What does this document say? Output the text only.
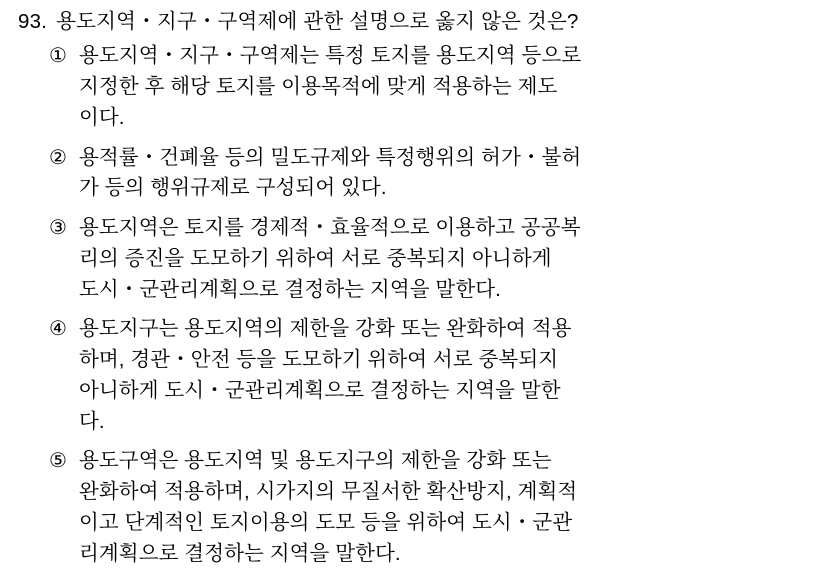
93. 용도지역・지구・구역제에 관한 설명으로 옳지 않은 것은?
① 용도지역・지구・구역제는 특정 토지를 용도지역 등으로
지정한 후 해당 토지를 이용목적에 맞게 적용하는 제도
이다.
② 용적률・건폐율 등의 밀도규제와 특정행위의 허가・불허
가 등의 행위규제로 구성되어 있다.
③ 용도지역은 토지를 경제적・효율적으로 이용하고 공공복
리의 증진을 도모하기 위하여 서로 중복되지 아니하게
도시・군관리계획으로 결정하는 지역을 말한다.
④ 용도지구는 용도지역의 제한을 강화 또는 완화하여 적용
하며, 경관・안전 등을 도모하기 위하여 서로 중복되지
아니하게 도시・군관리계획으로 결정하는 지역을 말한
다.
⑤ 용도구역은 용도지역 및 용도지구의 제한을 강화 또는
완화하여 적용하며, 시가지의 무질서한 확산방지, 계획적
이고 단계적인 토지이용의 도모 등을 위하여 도시・군관
리계획으로 결정하는 지역을 말한다.
